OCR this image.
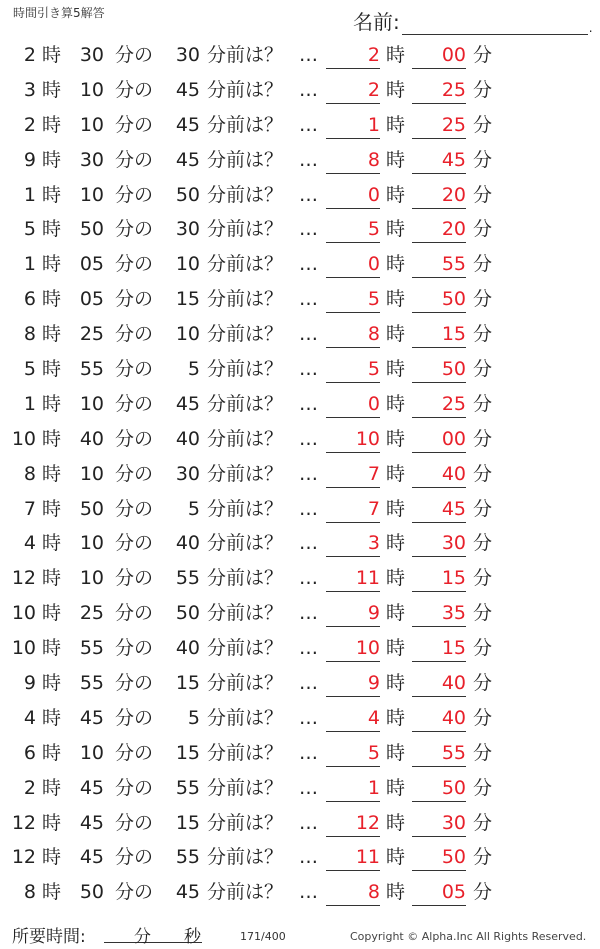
時間引き算5解答	名前:	.
2 時 30 分の	30 分前は？ …	2 時	00 分
3 時 10 分の	45 分前は？ …	2 時	25 分
2 時 10 分の	45 分前は？ …	1 時	25 分
9 時 30 分の	45 分前は？ …	8 時	45 分
1 時 10 分の	50 分前は？ …	0 時	20 分
5 時 50 分の	30 分前は？ …	5 時	20 分
1 時 05 分の	10 分前は？ …	0 時	55 分
6 時 05 分の	15 分前は？ …	5 時	50 分
8 時 25 分の	10 分前は？ …	8 時	15 分
5 時 55 分の	5 分前は？ …	5 時	50 分
1 時 10 分の	45 分前は？ …	0 時	25 分
10 時 40 分の	40 分前は？ …	10 時	00 分
8 時 10 分の	30 分前は？ …	7 時	40 分
7 時 50 分の	5 分前は？ …	7 時	45 分
4 時 10 分の	40 分前は？ …	3 時	30 分
12 時 10 分の	55 分前は？ …	11 時	15 分
10 時 25 分の	50 分前は？ …	9 時	35 分
10 時 55 分の	40 分前は？ …	10 時	15 分
9 時 55 分の	15 分前は？ …	9 時	40 分
4 時 45 分の	5 分前は？ …	4 時	40 分
6 時 10 分の	15 分前は？ …	5 時	55 分
2 時 45 分の	55 分前は？ …	1 時	50 分
12 時 45 分の	15 分前は？ …	12 時	30 分
12 時 45 分の	55 分前は？ …	11 時	50 分
8 時 50 分の	45 分前は？ …	8 時	05 分
所要時間:	分 秒	171/400	Copyright © Alpha.Inc All Rights Reserved.
